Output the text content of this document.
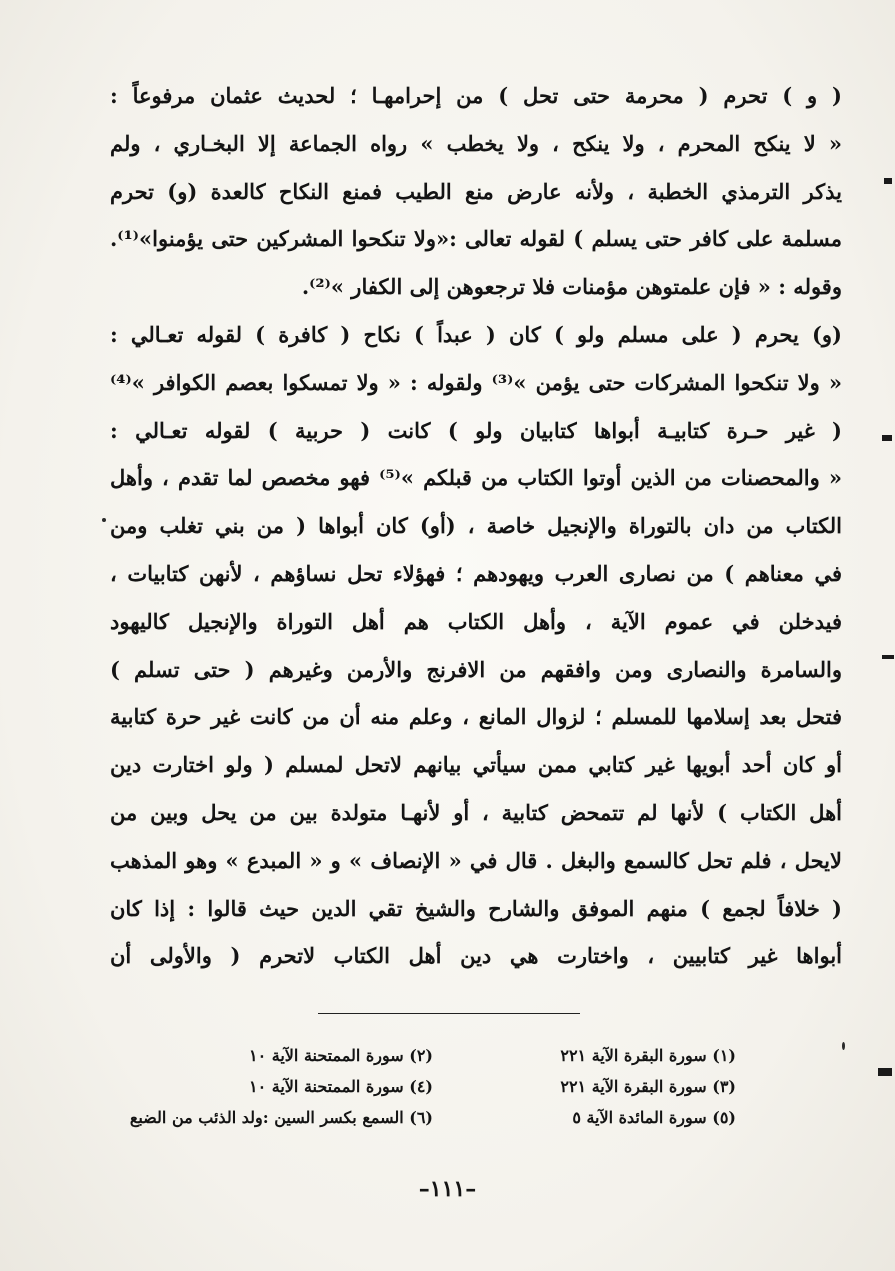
( و ) تحرم ( محرمة حتى تحل ) من إحرامهـا ؛ لحديث عثمان مرفوعاً :
« لا ينكح المحرم ، ولا ينكح ، ولا يخطب » رواه الجماعة إلا البخـاري ، ولم
يذكر الترمذي الخطبة ، ولأنه عارض منع الطيب فمنع النكاح كالعدة (و) تحرم
مسلمة على كافر حتى يسلم ) لقوله تعالى :«ولا تنكحوا المشركين حتى يؤمنوا»⁽¹⁾.
وقوله : « فإن علمتوهن مؤمنات فلا ترجعوهن إلى الكفار »⁽²⁾.
(و) يحرم ( على مسلم ولو ) كان ( عبداً ) نكاح ( كافرة ) لقوله تعـالي :
« ولا تنكحوا المشركات حتى يؤمن »⁽³⁾ ولقوله : « ولا تمسكوا بعصم الكوافر »⁽⁴⁾
( غير حـرة كتابيـة أبواها كتابيان ولو ) كانت ( حربية ) لقوله تعـالي :
« والمحصنات من الذين أوتوا الكتاب من قبلكم »⁽⁵⁾ فهو مخصص لما تقدم ، وأهل
الكتاب من دان بالتوراة والإنجيل خاصة ، (أو) كان أبواها ( من بني تغلب ومن
في معناهم ) من نصارى العرب ويهودهم ؛ فهؤلاء تحل نساؤهم ، لأنهن كتابيات ،
فيدخلن في عموم الآية ، وأهل الكتاب هم أهل التوراة والإنجيل كاليهود
والسامرة والنصارى ومن وافقهم من الافرنج والأرمن وغيرهم ( حتى تسلم )
فتحل بعد إسلامها للمسلم ؛ لزوال المانع ، وعلم منه أن من كانت غير حرة كتابية
أو كان أحد أبويها غير كتابي ممن سيأتي بيانهم لاتحل لمسلم ( ولو اختارت دين
أهل الكتاب ) لأنها لم تتمحض كتابية ، أو لأنهـا متولدة بين من يحل وبين من
لايحل ، فلم تحل كالسمع والبغل . قال في « الإنصاف » و « المبدع » وهو المذهب
( خلافاً لجمع ) منهم الموفق والشارح والشيخ تقي الدين حيث قالوا : إذا كان
أبواها غير كتابيين ، واختارت هي دين أهل الكتاب لاتحرم ( والأولى أن
(١) سورة البقرة الآية ٢٢١
(٢) سورة الممتحنة الآية ١٠
(٣) سورة البقرة الآية ٢٢١
(٤) سورة الممتحنة الآية ١٠
(٥) سورة المائدة الآية ٥
(٦) السمع بكسر السين :ولد الذئب من الضبع
–١١١–
